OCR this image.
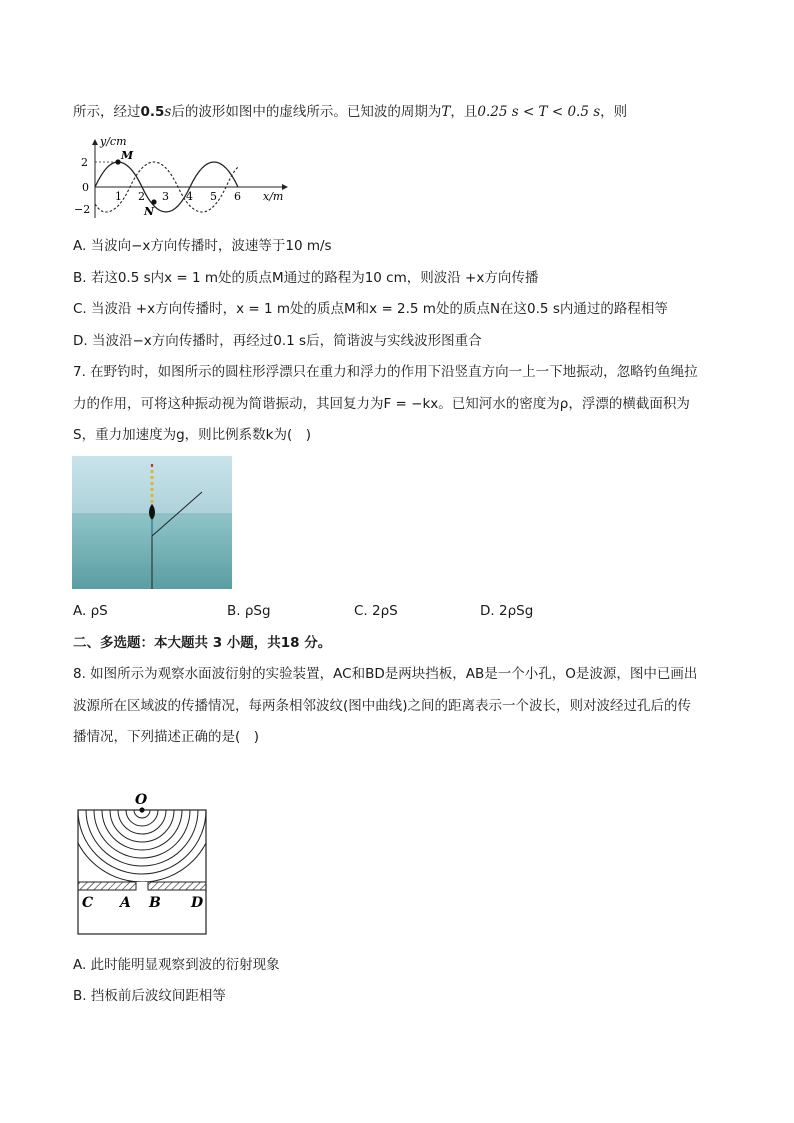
所示，经过0.5s后的波形如图中的虚线所示。已知波的周期为T，且0.25 s < T < 0.5 s，则
y/cm
x/m
2
0
−2
1 2 3 4 5 6
M
N
A. 当波向−x方向传播时，波速等于10 m/s
B. 若这0.5 s内x = 1 m处的质点M通过的路程为10 cm，则波沿 +x方向传播
C. 当波沿 +x方向传播时，x = 1 m处的质点M和x = 2.5 m处的质点N在这0.5 s内通过的路程相等
D. 当波沿−x方向传播时，再经过0.1 s后，简谐波与实线波形图重合
7. 在野钓时，如图所示的圆柱形浮漂只在重力和浮力的作用下沿竖直方向一上一下地振动，忽略钓鱼绳拉
力的作用，可将这种振动视为简谐振动，其回复力为F = −kx。已知河水的密度为ρ，浮漂的横截面积为
S，重力加速度为g，则比例系数k为(　)
A. ρS	B. ρSg	C. 2ρS	D. 2ρSg
二、多选题：本大题共 3 小题，共18 分。
8. 如图所示为观察水面波衍射的实验装置，AC和BD是两块挡板，AB是一个小孔，O是波源，图中已画出
波源所在区域波的传播情况，每两条相邻波纹(图中曲线)之间的距离表示一个波长，则对波经过孔后的传
播情况，下列描述正确的是(　)
O
C A B D
A. 此时能明显观察到波的衍射现象
B. 挡板前后波纹间距相等
